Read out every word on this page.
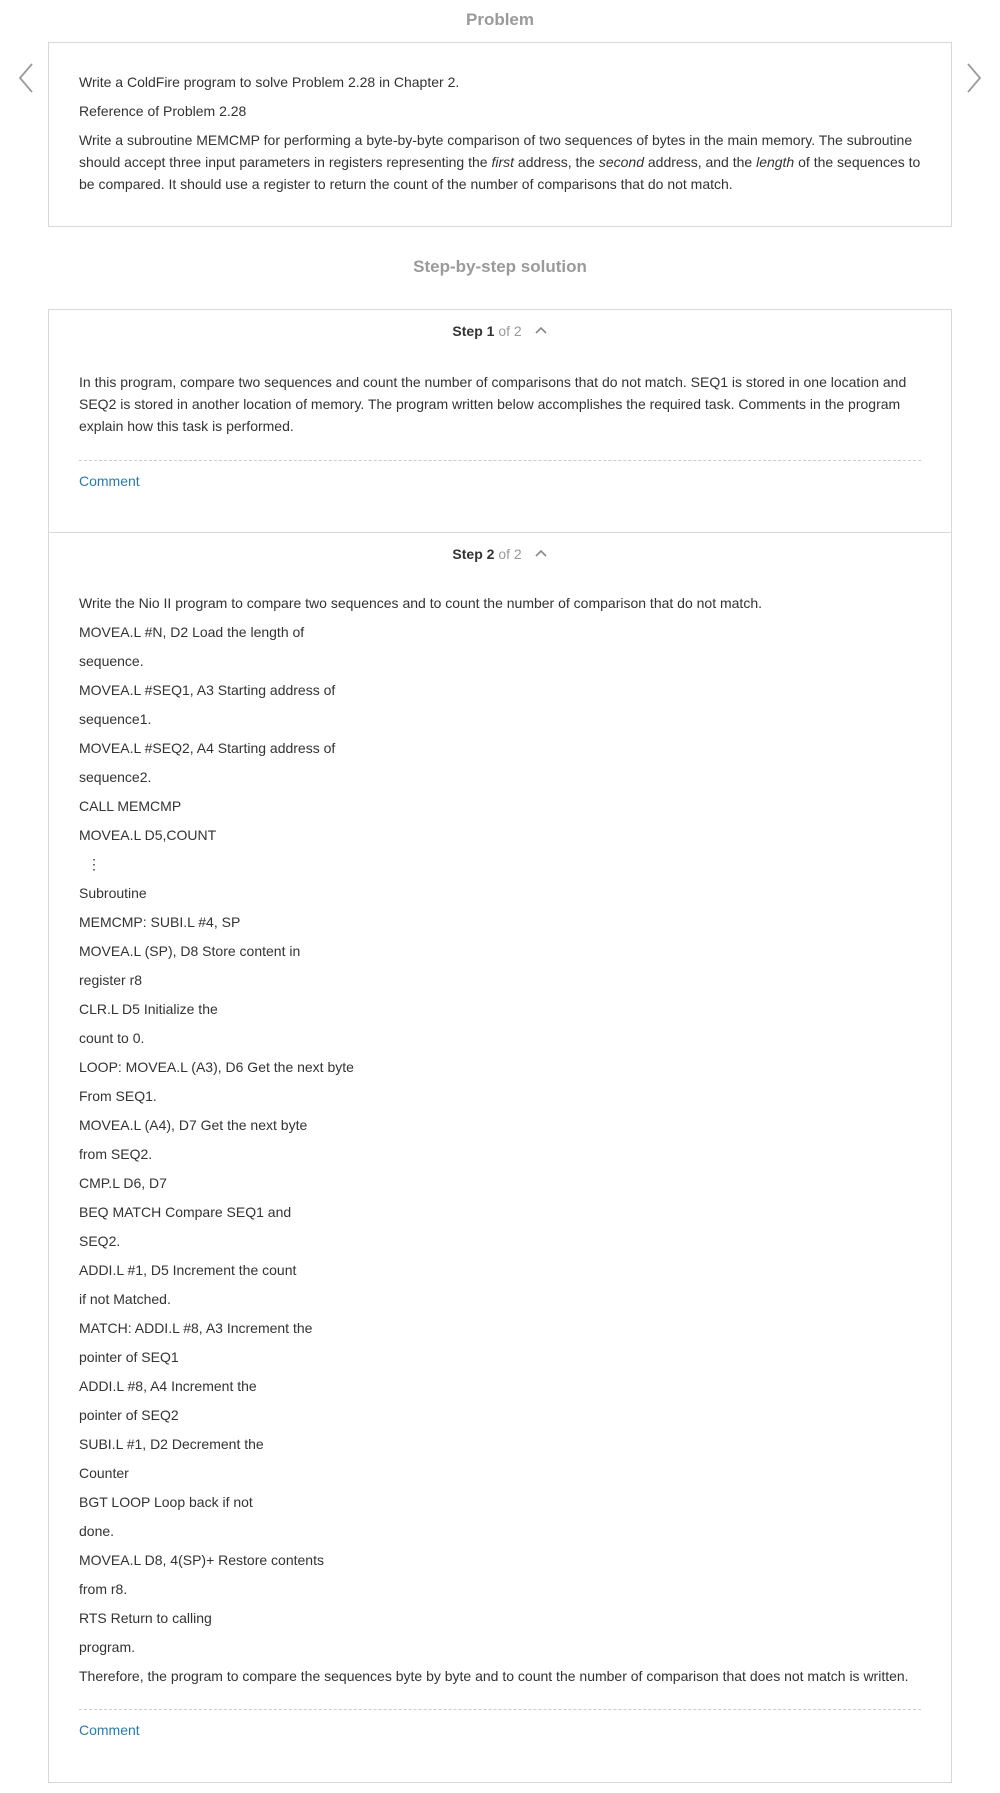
Problem

Write a ColdFire program to solve Problem 2.28 in Chapter 2.

Reference of Problem 2.28

Write a subroutine MEMCMP for performing a byte-by-byte comparison of two sequences of bytes in the main memory. The subroutine should accept three input parameters in registers representing the first address, the second address, and the length of the sequences to be compared. It should use a register to return the count of the number of comparisons that do not match.

Step-by-step solution
Step 1 of 2

In this program, compare two sequences and count the number of comparisons that do not match. SEQ1 is stored in one location and SEQ2 is stored in another location of memory. The program written below accomplishes the required task. Comments in the program explain how this task is performed.

Comment
Step 2 of 2

Write the Nio II program to compare two sequences and to count the number of comparison that do not match.

MOVEA.L #N, D2 Load the length of

sequence.

MOVEA.L #SEQ1, A3 Starting address of

sequence1.

MOVEA.L #SEQ2, A4 Starting address of

sequence2.

CALL MEMCMP

MOVEA.L D5,COUNT

⋮

Subroutine

MEMCMP: SUBI.L #4, SP

MOVEA.L (SP), D8 Store content in

register r8

CLR.L D5 Initialize the

count to 0.

LOOP: MOVEA.L (A3), D6 Get the next byte

From SEQ1.

MOVEA.L (A4), D7 Get the next byte

from SEQ2.

CMP.L D6, D7

BEQ MATCH Compare SEQ1 and

SEQ2.

ADDI.L #1, D5 Increment the count

if not Matched.

MATCH: ADDI.L #8, A3 Increment the

pointer of SEQ1

ADDI.L #8, A4 Increment the

pointer of SEQ2

SUBI.L #1, D2 Decrement the

Counter

BGT LOOP Loop back if not

done.

MOVEA.L D8, 4(SP)+ Restore contents

from r8.

RTS Return to calling

program.

Therefore, the program to compare the sequences byte by byte and to count the number of comparison that does not match is written.

Comment
